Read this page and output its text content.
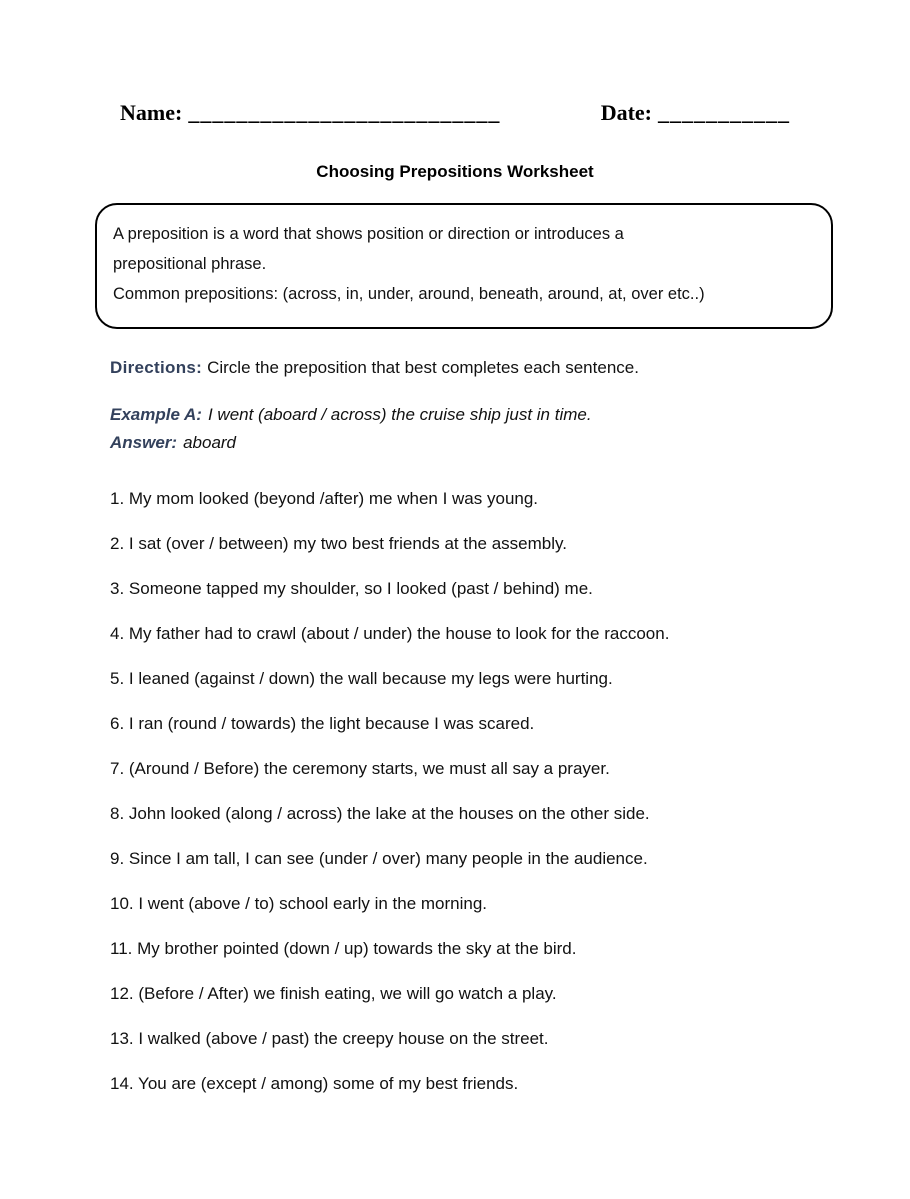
Name: __________________________	Date: ___________
Choosing Prepositions Worksheet
A preposition is a word that shows position or direction or introduces a
prepositional phrase.
Common prepositions: (across, in, under, around, beneath, around, at, over etc..)
Directions: Circle the preposition that best completes each sentence.
Example A: I went (aboard / across) the cruise ship just in time.
Answer: aboard
1. My mom looked (beyond /after) me when I was young.
2. I sat (over / between) my two best friends at the assembly.
3. Someone tapped my shoulder, so I looked (past / behind) me.
4. My father had to crawl (about / under) the house to look for the raccoon.
5. I leaned (against / down) the wall because my legs were hurting.
6. I ran (round / towards) the light because I was scared.
7. (Around / Before) the ceremony starts, we must all say a prayer.
8. John looked (along / across) the lake at the houses on the other side.
9. Since I am tall, I can see (under / over) many people in the audience.
10. I went (above / to) school early in the morning.
11. My brother pointed (down / up) towards the sky at the bird.
12. (Before / After) we finish eating, we will go watch a play.
13. I walked (above / past) the creepy house on the street.
14. You are (except / among) some of my best friends.
